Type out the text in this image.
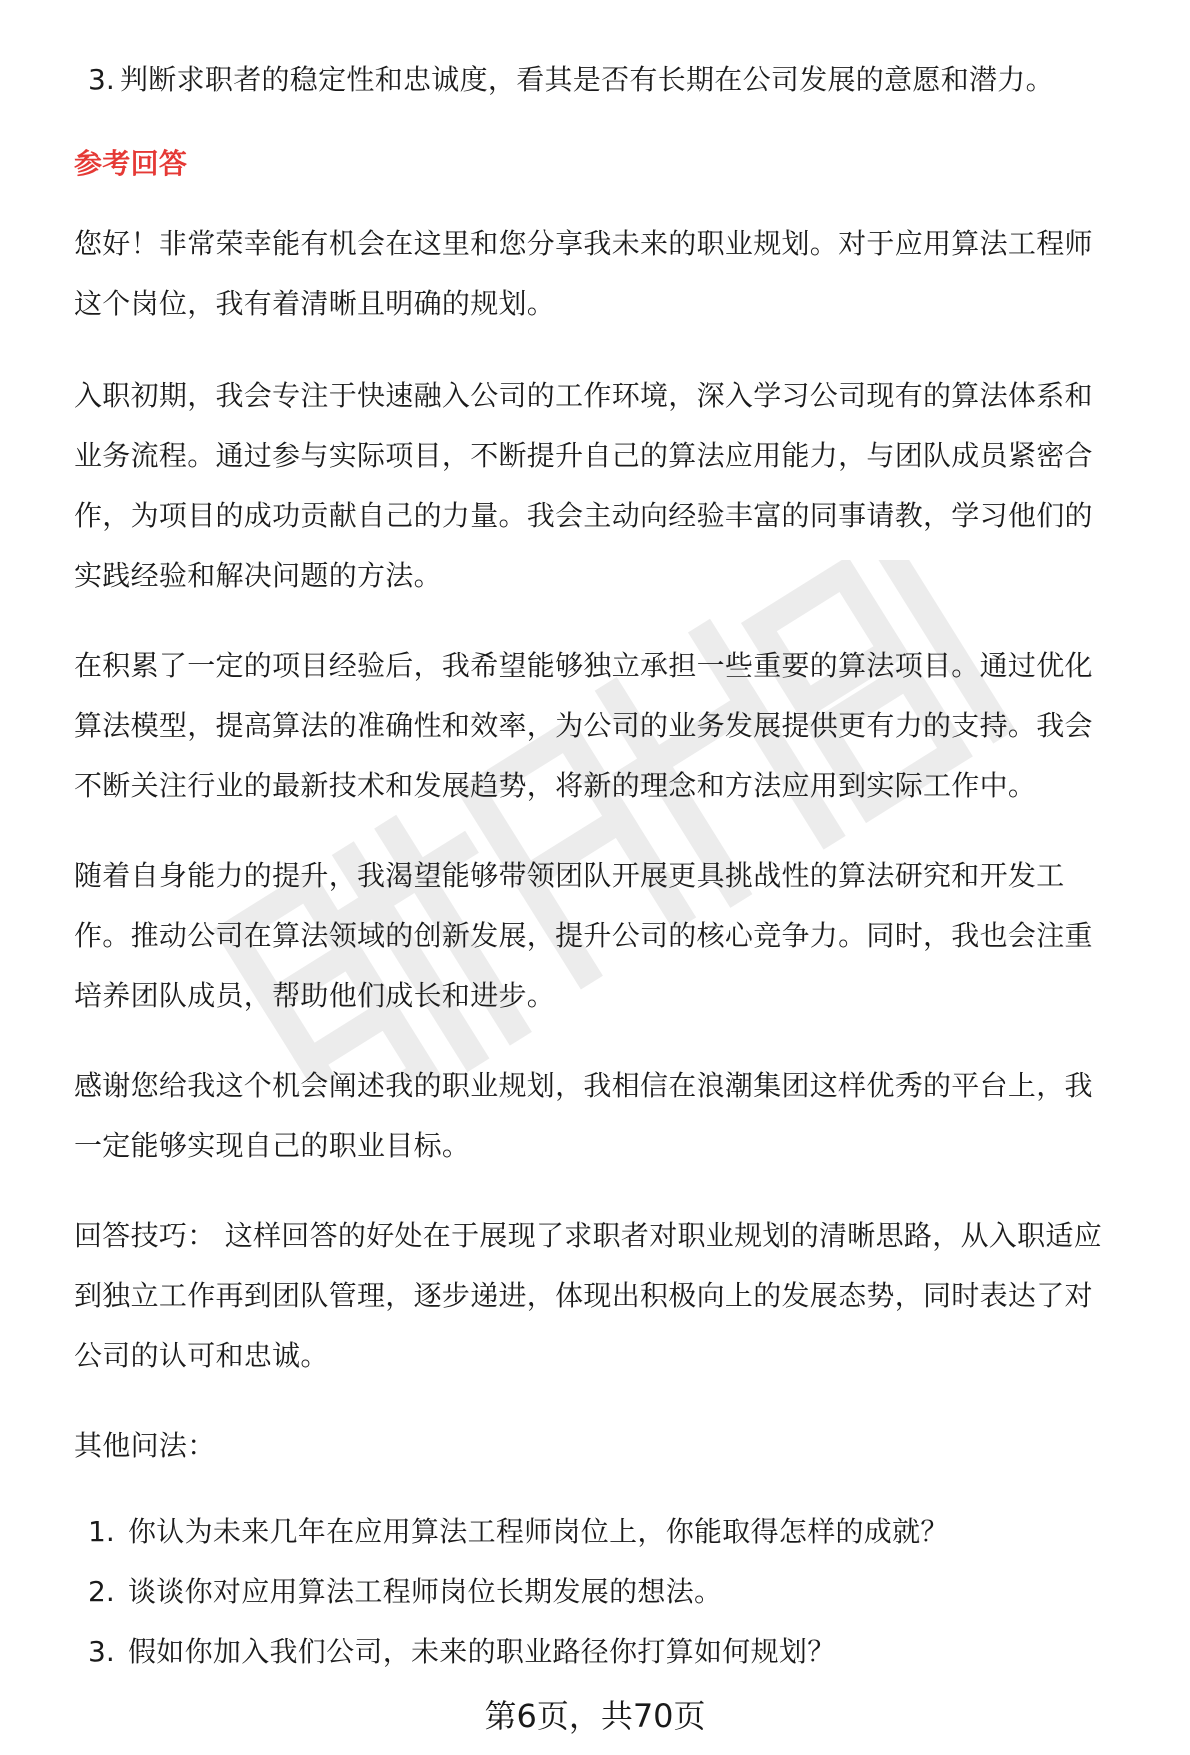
3. 判断求职者的稳定性和忠诚度，看其是否有长期在公司发展的意愿和潜力。
参考回答
您好！非常荣幸能有机会在这里和您分享我未来的职业规划。对于应用算法工程师
这个岗位，我有着清晰且明确的规划。
入职初期，我会专注于快速融入公司的工作环境，深入学习公司现有的算法体系和
业务流程。通过参与实际项目，不断提升自己的算法应用能力，与团队成员紧密合
作，为项目的成功贡献自己的力量。我会主动向经验丰富的同事请教，学习他们的
实践经验和解决问题的方法。
在积累了一定的项目经验后，我希望能够独立承担一些重要的算法项目。通过优化
算法模型，提高算法的准确性和效率，为公司的业务发展提供更有力的支持。我会
不断关注行业的最新技术和发展趋势，将新的理念和方法应用到实际工作中。
随着自身能力的提升，我渴望能够带领团队开展更具挑战性的算法研究和开发工
作。推动公司在算法领域的创新发展，提升公司的核心竞争力。同时，我也会注重
培养团队成员，帮助他们成长和进步。
感谢您给我这个机会阐述我的职业规划，我相信在浪潮集团这样优秀的平台上，我
一定能够实现自己的职业目标。
回答技巧： 这样回答的好处在于展现了求职者对职业规划的清晰思路，从入职适应
到独立工作再到团队管理，逐步递进，体现出积极向上的发展态势，同时表达了对
公司的认可和忠诚。
其他问法：
1. 你认为未来几年在应用算法工程师岗位上，你能取得怎样的成就？
2. 谈谈你对应用算法工程师岗位长期发展的想法。
3. 假如你加入我们公司，未来的职业路径你打算如何规划？
第6页，共70页
